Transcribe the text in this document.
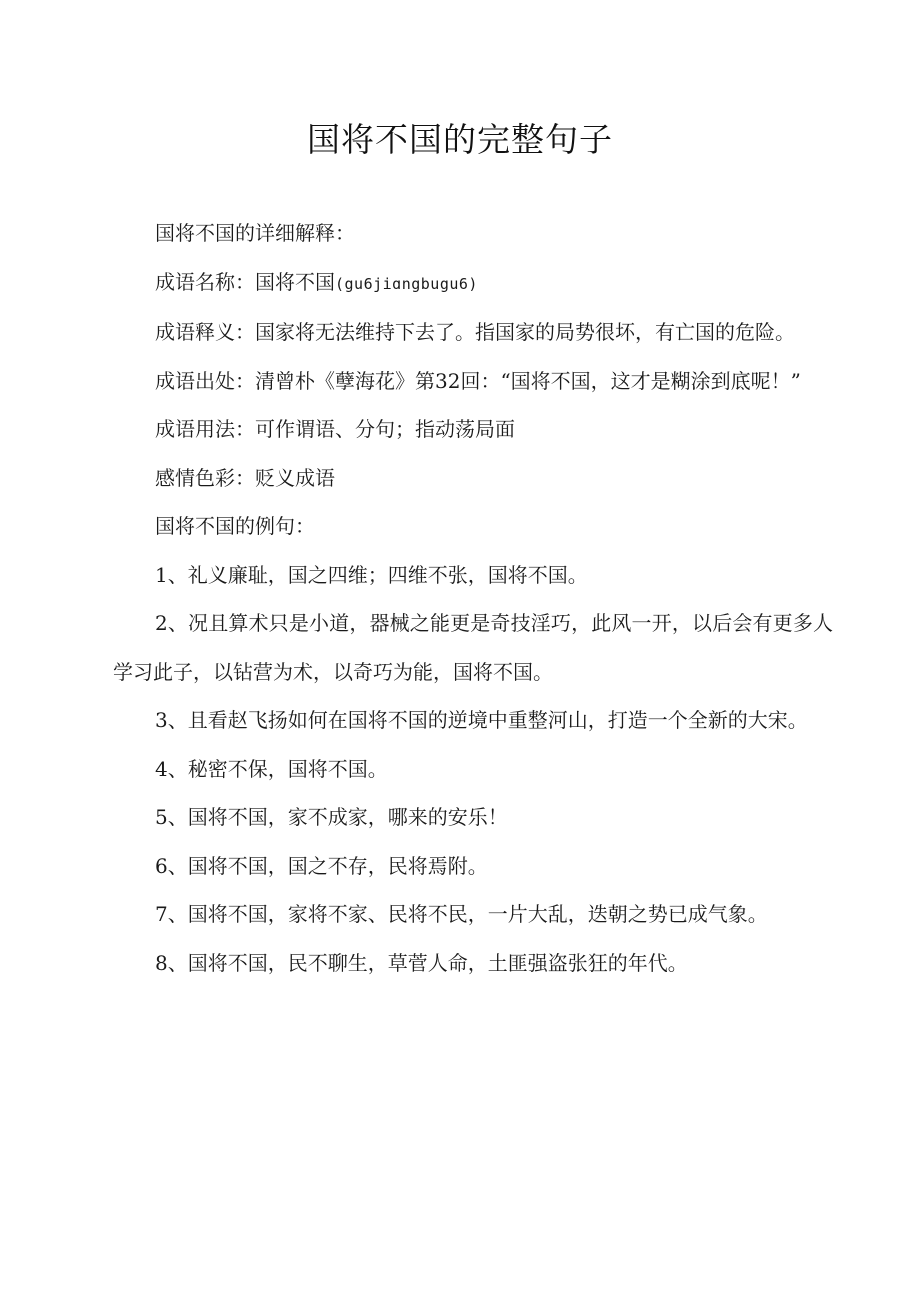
国将不国的完整句子

国将不国的详细解释：

成语名称：国将不国(gu6jiɑngbugu6)

成语释义：国家将无法维持下去了。指国家的局势很坏，有亡国的危险。

成语出处：清曾朴《孽海花》第32回：“国将不国，这才是糊涂到底呢！”

成语用法：可作谓语、分句；指动荡局面

感情色彩：贬义成语

国将不国的例句：

1、礼义廉耻，国之四维；四维不张，国将不国。

2、况且算术只是小道，器械之能更是奇技淫巧，此风一开，以后会有更多人学习此子，以钻营为术，以奇巧为能，国将不国。

3、且看赵飞扬如何在国将不国的逆境中重整河山，打造一个全新的大宋。

4、秘密不保，国将不国。

5、国将不国，家不成家，哪来的安乐！

6、国将不国，国之不存，民将焉附。

7、国将不国，家将不家、民将不民，一片大乱，迭朝之势已成气象。

8、国将不国，民不聊生，草菅人命，土匪强盗张狂的年代。
